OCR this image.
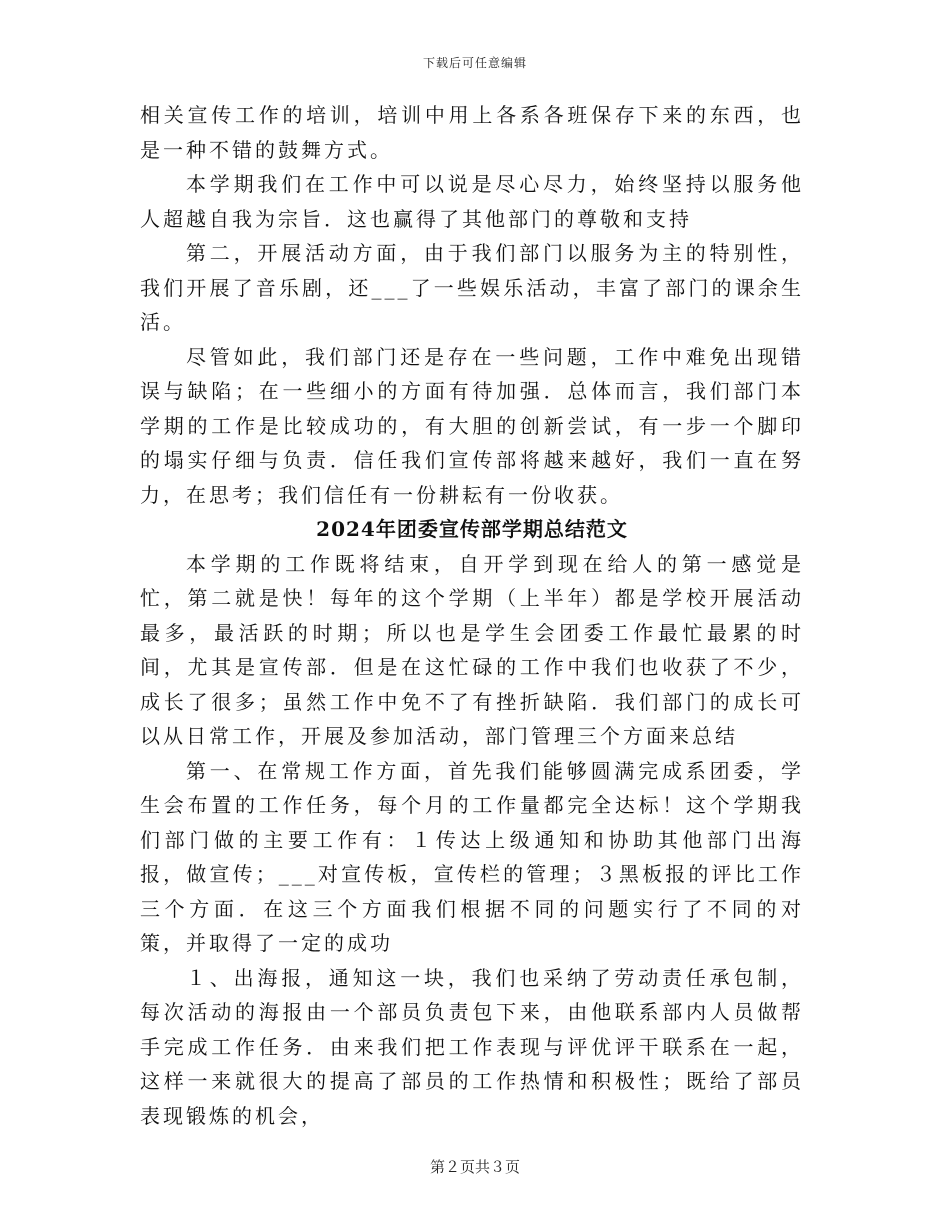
下载后可任意编辑

相关宣传工作的培训，培训中用上各系各班保存下来的东西，也是一种不错的鼓舞方式。

本学期我们在工作中可以说是尽心尽力，始终坚持以服务他人超越自我为宗旨．这也赢得了其他部门的尊敬和支持

第二，开展活动方面，由于我们部门以服务为主的特别性，我们开展了音乐剧，还___了一些娱乐活动，丰富了部门的课余生活。

尽管如此，我们部门还是存在一些问题，工作中难免出现错误与缺陷；在一些细小的方面有待加强．总体而言，我们部门本学期的工作是比较成功的，有大胆的创新尝试，有一步一个脚印的塌实仔细与负责．信任我们宣传部将越来越好，我们一直在努力，在思考；我们信任有一份耕耘有一份收获。

2024年团委宣传部学期总结范文

本学期的工作既将结束，自开学到现在给人的第一感觉是忙，第二就是快！每年的这个学期（上半年）都是学校开展活动最多，最活跃的时期；所以也是学生会团委工作最忙最累的时间，尤其是宣传部．但是在这忙碌的工作中我们也收获了不少，成长了很多；虽然工作中免不了有挫折缺陷．我们部门的成长可以从日常工作，开展及参加活动，部门管理三个方面来总结

第一、在常规工作方面，首先我们能够圆满完成系团委，学生会布置的工作任务，每个月的工作量都完全达标！这个学期我们部门做的主要工作有：１传达上级通知和协助其他部门出海报，做宣传；___对宣传板，宣传栏的管理；３黑板报的评比工作三个方面．在这三个方面我们根据不同的问题实行了不同的对策，并取得了一定的成功

１、出海报，通知这一块，我们也采纳了劳动责任承包制，每次活动的海报由一个部员负责包下来，由他联系部内人员做帮手完成工作任务．由来我们把工作表现与评优评干联系在一起，这样一来就很大的提高了部员的工作热情和积极性；既给了部员表现锻炼的机会，

第２页共３页
